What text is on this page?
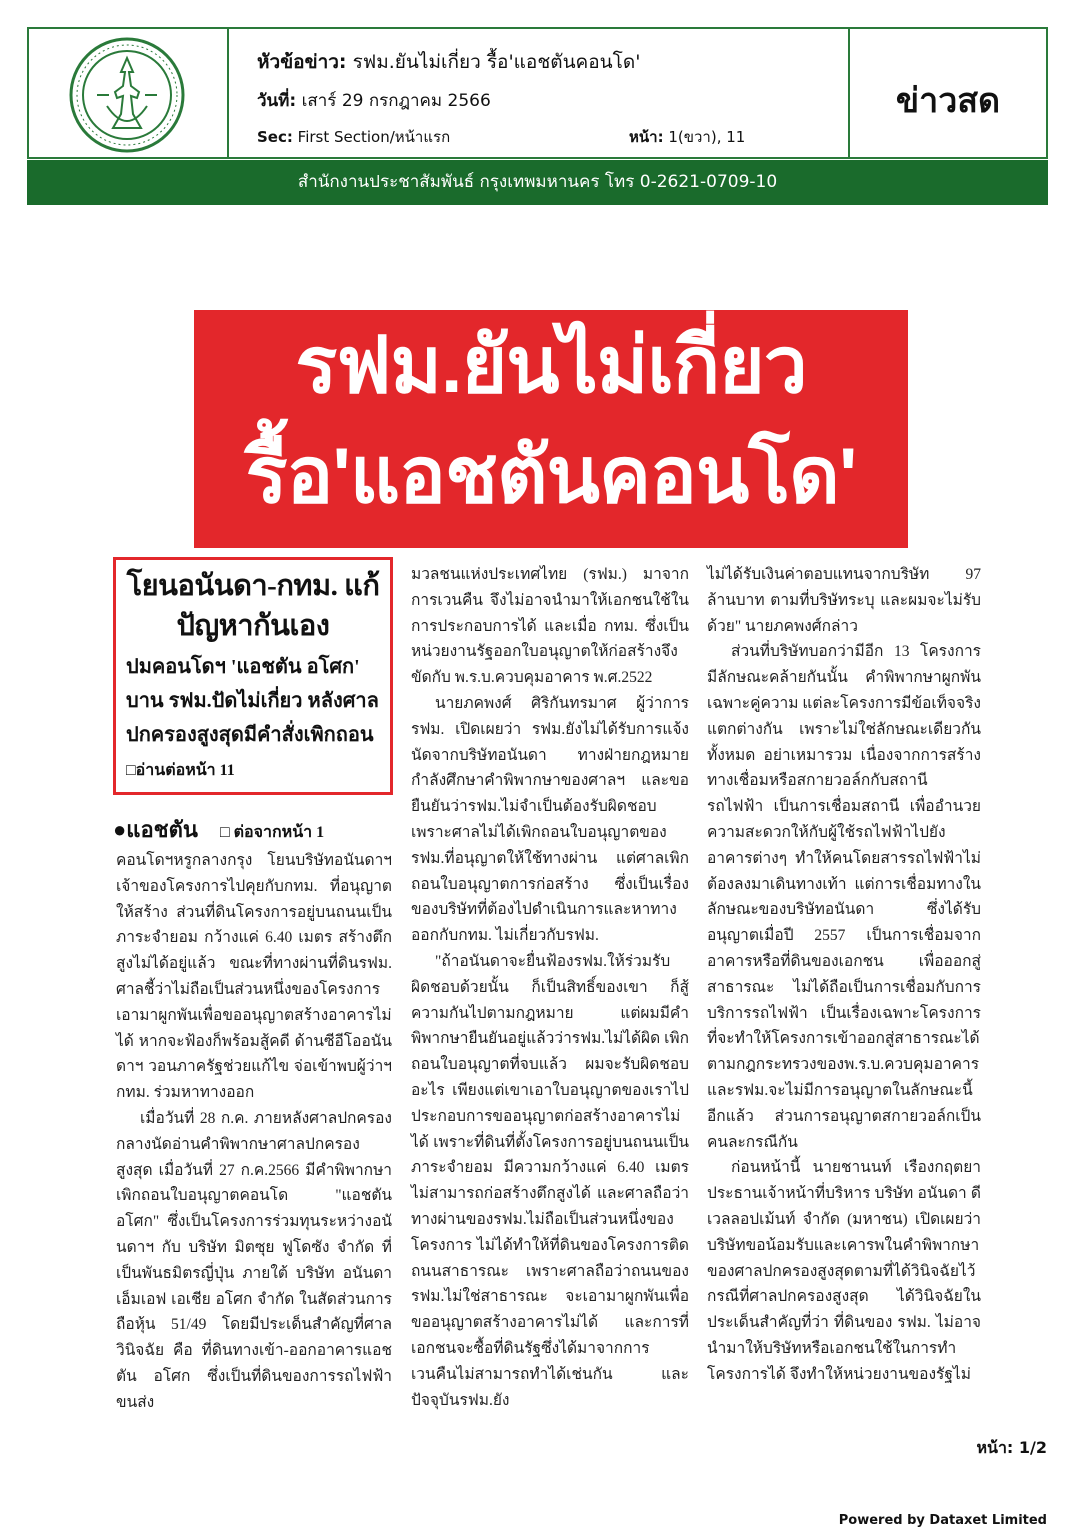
หัวข้อข่าว: รฟม.ยันไม่เกี่ยว รื้อ'แอชตันคอนโด'
วันที่: เสาร์ 29 กรกฎาคม 2566
Sec: First Section/หน้าแรก	หน้า: 1(ขวา), 11
ข่าวสด
สำนักงานประชาสัมพันธ์ กรุงเทพมหานคร โทร 0-2621-0709-10
รฟม.ยันไม่เกี่ยว
รื้อ'แอชตันคอนโด'
โยนอนันดา-กทม. แก้ปัญหากันเอง
ปมคอนโดฯ 'แอชตัน อโศก' บาน รฟม.ปัดไม่เกี่ยว หลังศาลปกครองสูงสุดมีคำสั่งเพิกถอน □อ่านต่อหน้า 11
●แอชตัน □ ต่อจากหน้า 1

คอนโดฯหรูกลางกรุง โยนบริษัทอนันดาฯ เจ้าของโครงการไปคุยกับกทม. ที่อนุญาตให้สร้าง ส่วนที่ดินโครงการอยู่บนถนนเป็นภาระจำยอม กว้างแค่ 6.40 เมตร สร้างตึกสูงไม่ได้อยู่แล้ว ขณะที่ทางผ่านที่ดินรฟม. ศาลชี้ว่าไม่ถือเป็นส่วนหนึ่งของโครงการ เอามาผูกพันเพื่อขออนุญาตสร้างอาคารไม่ได้ หากจะฟ้องก็พร้อมสู้คดี ด้านซีอีโออนันดาฯ วอนภาครัฐช่วยแก้ไข จ่อเข้าพบผู้ว่าฯ กทม. ร่วมหาทางออก

เมื่อวันที่ 28 ก.ค. ภายหลังศาลปกครองกลางนัดอ่านคำพิพากษาศาลปกครองสูงสุด เมื่อวันที่ 27 ก.ค.2566 มีคำพิพากษาเพิกถอนใบอนุญาตคอนโด "แอชตัน อโศก" ซึ่งเป็นโครงการร่วมทุนระหว่างอนันดาฯ กับ บริษัท มิตซุย ฟูโดซัง จำกัด ที่เป็นพันธมิตรญี่ปุ่น ภายใต้ บริษัท อนันดา เอ็มเอฟ เอเชีย อโศก จำกัด ในสัดส่วนการถือหุ้น 51/49 โดยมีประเด็นสำคัญที่ศาลวินิจฉัย คือ ที่ดินทางเข้า-ออกอาคารแอชตัน อโศก ซึ่งเป็นที่ดินของการรถไฟฟ้าขนส่ง

มวลชนแห่งประเทศไทย (รฟม.) มาจากการเวนคืน จึงไม่อาจนำมาให้เอกชนใช้ในการประกอบการได้ และเมื่อ กทม. ซึ่งเป็นหน่วยงานรัฐออกใบอนุญาตให้ก่อสร้างจึงขัดกับ พ.ร.บ.ควบคุมอาคาร พ.ศ.2522

นายภคพงศ์ ศิริกันทรมาศ ผู้ว่าการ รฟม. เปิดเผยว่า รฟม.ยังไม่ได้รับการแจ้งนัดจากบริษัทอนันดา ทางฝ่ายกฎหมายกำลังศึกษาคำพิพากษาของศาลฯ และขอยืนยันว่ารฟม.ไม่จำเป็นต้องรับผิดชอบ เพราะศาลไม่ได้เพิกถอนใบอนุญาตของ รฟม.ที่อนุญาตให้ใช้ทางผ่าน แต่ศาลเพิกถอนใบอนุญาตการก่อสร้าง ซึ่งเป็นเรื่องของบริษัทที่ต้องไปดำเนินการและหาทางออกกับกทม. ไม่เกี่ยวกับรฟม.

"ถ้าอนันดาจะยื่นฟ้องรฟม.ให้ร่วมรับผิดชอบด้วยนั้น ก็เป็นสิทธิ์ของเขา ก็สู้ความกันไปตามกฎหมาย แต่ผมมีคำพิพากษายืนยันอยู่แล้วว่ารฟม.ไม่ได้ผิด เพิกถอนใบอนุญาตที่จบแล้ว ผมจะรับผิดชอบอะไร เพียงแต่เขาเอาใบอนุญาตของเราไปประกอบการขออนุญาตก่อสร้างอาคารไม่ได้ เพราะที่ดินที่ตั้งโครงการอยู่บนถนนเป็นภาระจำยอม มีความกว้างแค่ 6.40 เมตร ไม่สามารถก่อสร้างตึกสูงได้ และศาลถือว่าทางผ่านของรฟม.ไม่ถือเป็นส่วนหนึ่งของโครงการ ไม่ได้ทำให้ที่ดินของโครงการติดถนนสาธารณะ เพราะศาลถือว่าถนนของรฟม.ไม่ใช่สาธารณะ จะเอามาผูกพันเพื่อขออนุญาตสร้างอาคารไม่ได้ และการที่เอกชนจะซื้อที่ดินรัฐซึ่งได้มาจากการเวนคืนไม่สามารถทำได้เช่นกัน และปัจจุบันรฟม.ยัง

ไม่ได้รับเงินค่าตอบแทนจากบริษัท 97 ล้านบาท ตามที่บริษัทระบุ และผมจะไม่รับด้วย" นายภคพงศ์กล่าว

ส่วนที่บริษัทบอกว่ามีอีก 13 โครงการ มีลักษณะคล้ายกันนั้น คำพิพากษาผูกพันเฉพาะคู่ความ แต่ละโครงการมีข้อเท็จจริงแตกต่างกัน เพราะไม่ใช่ลักษณะเดียวกันทั้งหมด อย่าเหมารวม เนื่องจากการสร้างทางเชื่อมหรือสกายวอล์กกับสถานีรถไฟฟ้า เป็นการเชื่อมสถานี เพื่ออำนวยความสะดวกให้กับผู้ใช้รถไฟฟ้าไปยังอาคารต่างๆ ทำให้คนโดยสารรถไฟฟ้าไม่ต้องลงมาเดินทางเท้า แต่การเชื่อมทางในลักษณะของบริษัทอนันดา ซึ่งได้รับอนุญาตเมื่อปี 2557 เป็นการเชื่อมจากอาคารหรือที่ดินของเอกชน เพื่อออกสู่สาธารณะ ไม่ได้ถือเป็นการเชื่อมกับการบริการรถไฟฟ้า เป็นเรื่องเฉพาะโครงการที่จะทำให้โครงการเข้าออกสู่สาธารณะได้ตามกฎกระทรวงของพ.ร.บ.ควบคุมอาคาร และรฟม.จะไม่มีการอนุญาตในลักษณะนี้อีกแล้ว ส่วนการอนุญาตสกายวอล์กเป็นคนละกรณีกัน

ก่อนหน้านี้ นายชานนท์ เรืองกฤตยา ประธานเจ้าหน้าที่บริหาร บริษัท อนันดา ดีเวลลอปเม้นท์ จำกัด (มหาชน) เปิดเผยว่า บริษัทขอน้อมรับและเคารพในคำพิพากษาของศาลปกครองสูงสุดตามที่ได้วินิจฉัยไว้ กรณีที่ศาลปกครองสูงสุด ได้วินิจฉัยในประเด็นสำคัญที่ว่า ที่ดินของ รฟม. ไม่อาจนำมาให้บริษัทหรือเอกชนใช้ในการทำโครงการได้ จึงทำให้หน่วยงานของรัฐไม่

หน้า: 1/2
Powered by Dataxet Limited
